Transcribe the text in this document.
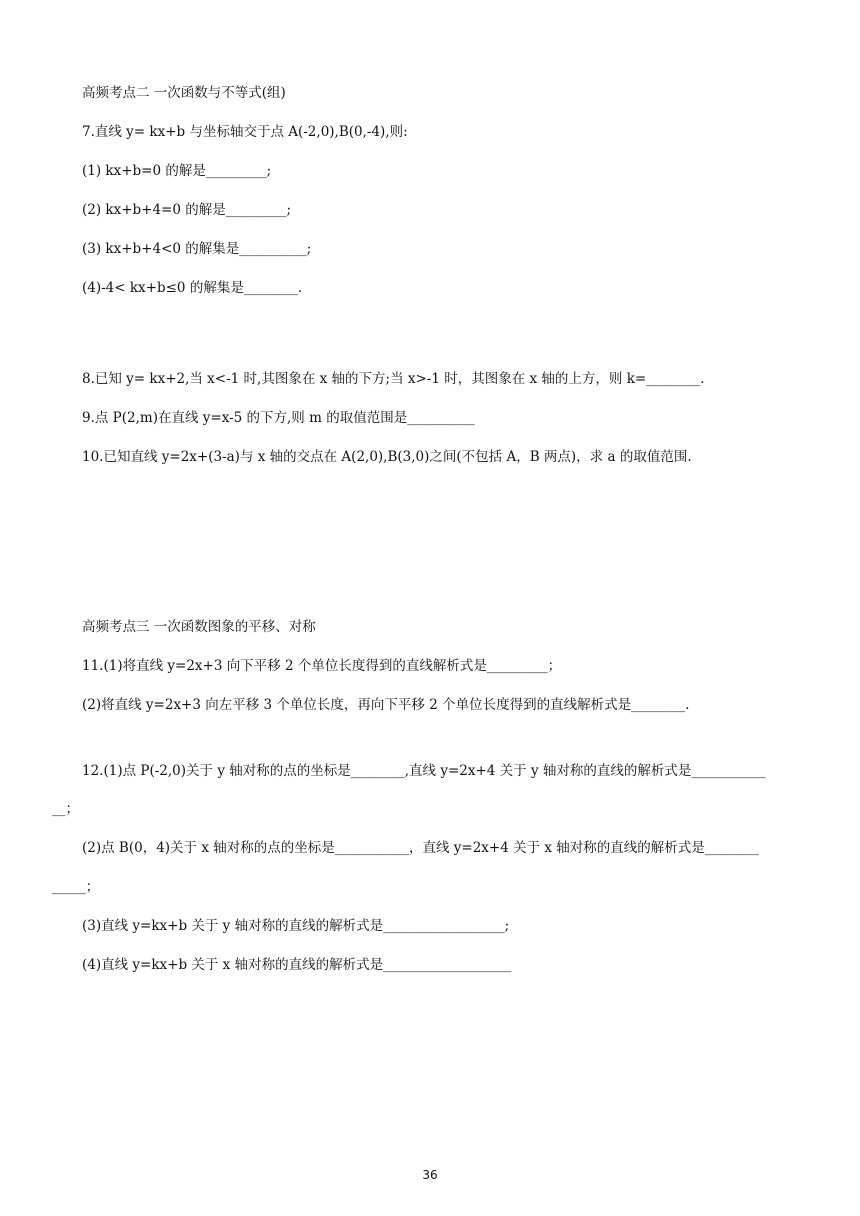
高频考点二 一次函数与不等式(组)
7.直线 y= kx+b 与坐标轴交于点 A(-2,0),B(0,-4),则:
(1) kx+b=0 的解是_________;
(2) kx+b+4=0 的解是_________;
(3) kx+b+4<0 的解集是__________;
(4)-4< kx+b≤0 的解集是________.
8.已知 y= kx+2,当 x<-1 时,其图象在 x 轴的下方;当 x>-1 时，其图象在 x 轴的上方，则 k=________.
9.点 P(2,m)在直线 y=x-5 的下方,则 m 的取值范围是__________
10.已知直线 y=2x+(3-a)与 x 轴的交点在 A(2,0),B(3,0)之间(不包括 A，B 两点)，求 a 的取值范围.
高频考点三 一次函数图象的平移、对称
11.(1)将直线 y=2x+3 向下平移 2 个单位长度得到的直线解析式是_________；
(2)将直线 y=2x+3 向左平移 3 个单位长度，再向下平移 2 个单位长度得到的直线解析式是________.
12.(1)点 P(-2,0)关于 y 轴对称的点的坐标是________,直线 y=2x+4 关于 y 轴对称的直线的解析式是___________
__；
(2)点 B(0，4)关于 x 轴对称的点的坐标是___________，直线 y=2x+4 关于 x 轴对称的直线的解析式是________
_____；
(3)直线 y=kx+b 关于 y 轴对称的直线的解析式是__________________;
(4)直线 y=kx+b 关于 x 轴对称的直线的解析式是___________________
36
